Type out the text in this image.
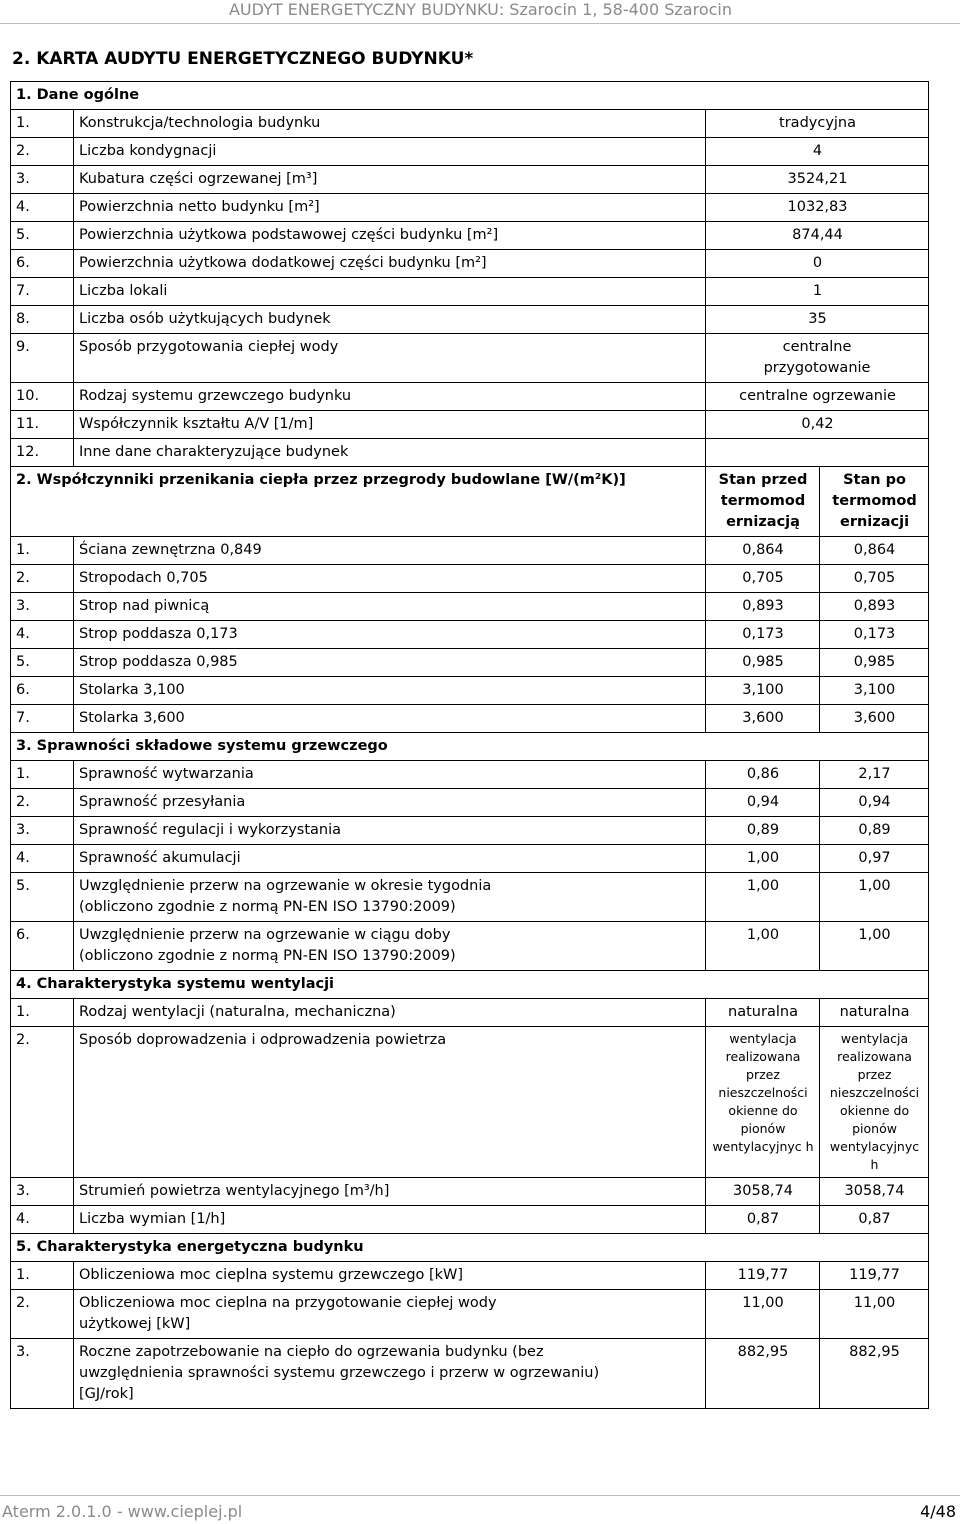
AUDYT ENERGETYCZNY BUDYNKU: Szarocin 1, 58-400 Szarocin
2. KARTA AUDYTU ENERGETYCZNEGO BUDYNKU*
1. Dane ogólne			
1.	Konstrukcja/technologia budynku	tradycyjna	
2.	Liczba kondygnacji	4	
3.	Kubatura części ogrzewanej [m³]	3524,21	
4.	Powierzchnia netto budynku [m²]	1032,83	
5.	Powierzchnia użytkowa podstawowej części budynku [m²]	874,44	
6.	Powierzchnia użytkowa dodatkowej części budynku [m²]	0	
7.	Liczba lokali	1	
8.	Liczba osób użytkujących budynek	35	
9.	Sposób przygotowania ciepłej wody	centralne przygotowanie	
10.	Rodzaj systemu grzewczego budynku	centralne ogrzewanie	
11.	Współczynnik kształtu A/V [1/m]	0,42	
12.	Inne dane charakteryzujące budynek		
2. Współczynniki przenikania ciepła przez przegrody budowlane [W/(m²K)]		Stan przed termomod ernizacją	Stan po termomod ernizacji
1.	Ściana zewnętrzna 0,849	0,864	0,864
2.	Stropodach 0,705	0,705	0,705
3.	Strop nad piwnicą	0,893	0,893
4.	Strop poddasza 0,173	0,173	0,173
5.	Strop poddasza 0,985	0,985	0,985
6.	Stolarka 3,100	3,100	3,100
7.	Stolarka 3,600	3,600	3,600
3. Sprawności składowe systemu grzewczego			
1.	Sprawność wytwarzania	0,86	2,17
2.	Sprawność przesyłania	0,94	0,94
3.	Sprawność regulacji i wykorzystania	0,89	0,89
4.	Sprawność akumulacji	1,00	0,97
5.	Uwzględnienie przerw na ogrzewanie w okresie tygodnia
(obliczono zgodnie z normą PN-EN ISO 13790:2009)	1,00	1,00
6.	Uwzględnienie przerw na ogrzewanie w ciągu doby
(obliczono zgodnie z normą PN-EN ISO 13790:2009)	1,00	1,00
4. Charakterystyka systemu wentylacji			
1.	Rodzaj wentylacji (naturalna, mechaniczna)	naturalna	naturalna
2.	Sposób doprowadzenia i odprowadzenia powietrza	wentylacja realizowana przez nieszczelności okienne do pionów wentylacyjnyc h	wentylacja realizowana przez nieszczelności okienne do pionów wentylacyjnyc h
3.	Strumień powietrza wentylacyjnego [m³/h]	3058,74	3058,74
4.	Liczba wymian [1/h]	0,87	0,87
5. Charakterystyka energetyczna budynku			
1.	Obliczeniowa moc cieplna systemu grzewczego [kW]	119,77	119,77
2.	Obliczeniowa moc cieplna na przygotowanie ciepłej wody użytkowej [kW]	11,00	11,00
3.	Roczne zapotrzebowanie na ciepło do ogrzewania budynku (bez uwzględnienia sprawności systemu grzewczego i przerw w ogrzewaniu) [GJ/rok]	882,95	882,95
Aterm 2.0.1.0 - www.cieplej.pl	4/48
